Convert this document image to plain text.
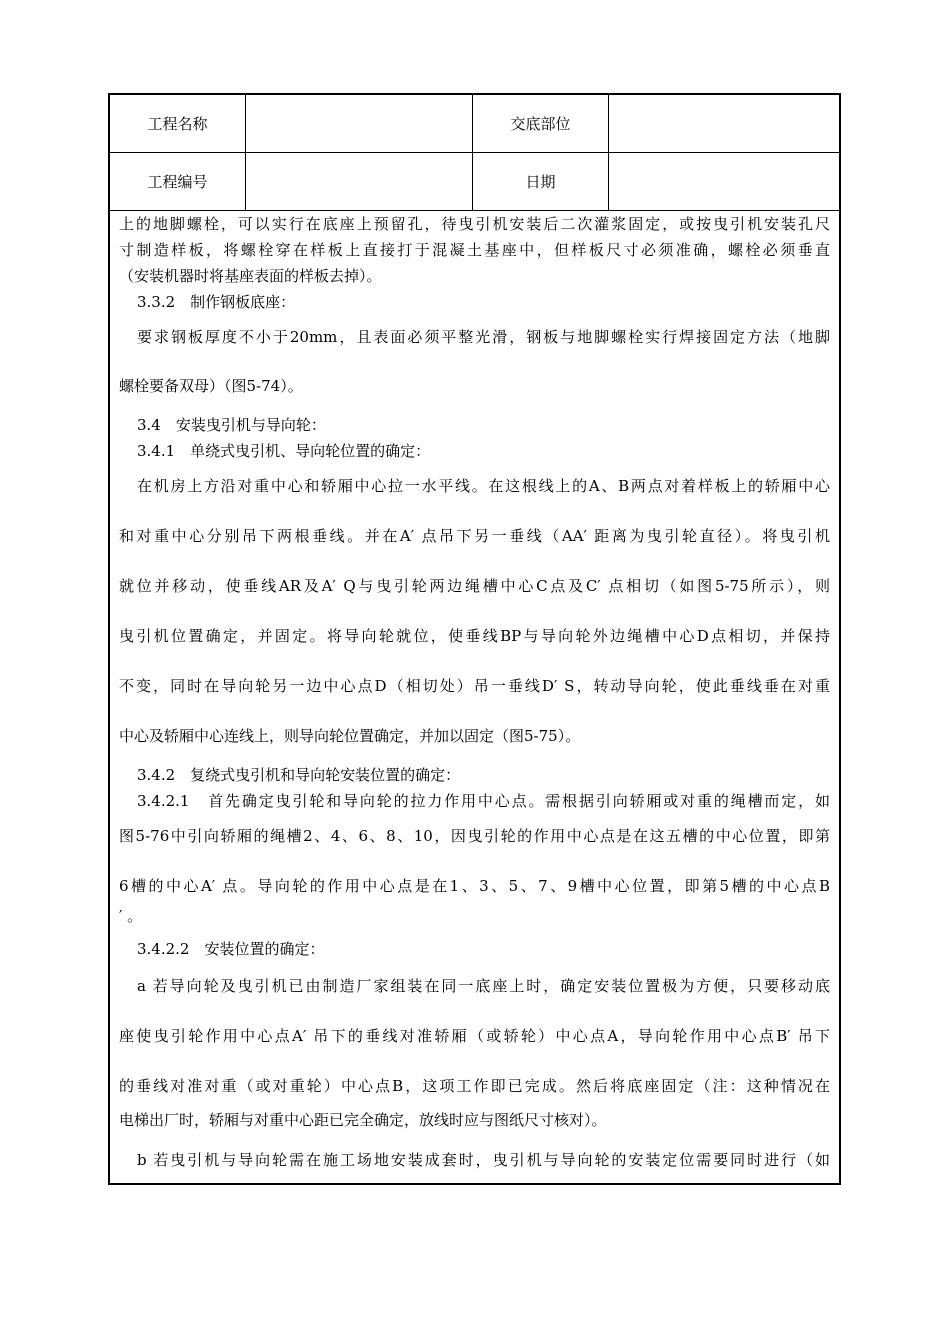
工程名称		交底部位	
工程编号		日期	
上的地脚螺栓，可以实行在底座上预留孔，待曳引机安装后二次灌浆固定，或按曳引机安装孔尺
寸制造样板，将螺栓穿在样板上直接打于混凝土基座中，但样板尺寸必须准确，螺栓必须垂直
（安装机器时将基座表面的样板去掉）。
3.3.2　制作钢板底座：
要求钢板厚度不小于20mm，且表面必须平整光滑，钢板与地脚螺栓实行焊接固定方法（地脚
螺栓要备双母）（图5-74）。
3.4　安装曳引机与导向轮：
3.4.1　单绕式曳引机、导向轮位置的确定：
在机房上方沿对重中心和轿厢中心拉一水平线。在这根线上的A、B两点对着样板上的轿厢中心
和对重中心分别吊下两根垂线。并在A′ 点吊下另一垂线（AA′ 距离为曳引轮直径）。将曳引机
就位并移动，使垂线AR及A′ Q与曳引轮两边绳槽中心C点及C′ 点相切（如图5-75所示），则
曳引机位置确定，并固定。将导向轮就位，使垂线BP与导向轮外边绳槽中心D点相切，并保持
不变，同时在导向轮另一边中心点D（相切处）吊一垂线D′ S，转动导向轮，使此垂线垂在对重
中心及轿厢中心连线上，则导向轮位置确定，并加以固定（图5-75）。
3.4.2　复绕式曳引机和导向轮安装位置的确定：
3.4.2.1　首先确定曳引轮和导向轮的拉力作用中心点。需根据引向轿厢或对重的绳槽而定，如
图5-76中引向轿厢的绳槽2、4、6、8、10，因曳引轮的作用中心点是在这五槽的中心位置，即第
6槽的中心A′ 点。导向轮的作用中心点是在1、3、5、7、9槽中心位置，即第5槽的中心点B
′ 。
3.4.2.2　安装位置的确定：
a 若导向轮及曳引机已由制造厂家组装在同一底座上时，确定安装位置极为方便，只要移动底
座使曳引轮作用中心点A′ 吊下的垂线对准轿厢（或轿轮）中心点A，导向轮作用中心点B′ 吊下
的垂线对准对重（或对重轮）中心点B，这项工作即已完成。然后将底座固定（注：这种情况在
电梯出厂时，轿厢与对重中心距已完全确定，放线时应与图纸尺寸核对）。
b 若曳引机与导向轮需在施工场地安装成套时，曳引机与导向轮的安装定位需要同时进行（如
